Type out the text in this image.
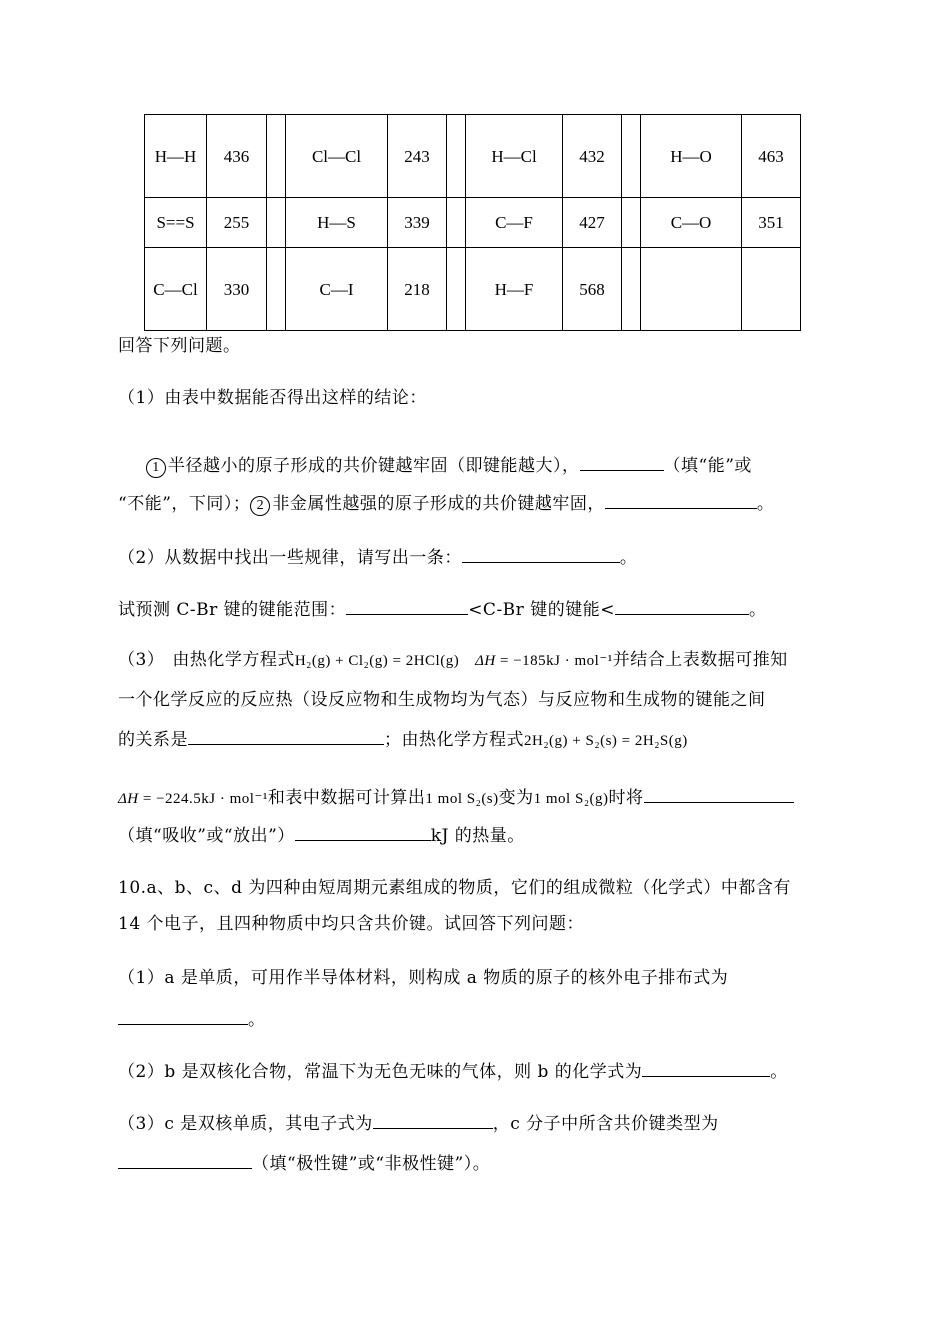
H—H	436		Cl—Cl	243		H—Cl	432		H—O	463
S==S	255		H—S	339		C—F	427		C—O	351
C—Cl	330		C—I	218		H—F	568			
回答下列问题。
（1）由表中数据能否得出这样的结论：
1 半径越小的原子形成的共价键越牢固（即键能越大），	（填“能”或
“不能”，下同）； 2 非金属性越强的原子形成的共价键越牢固，	。
（2）从数据中找出一些规律，请写出一条：	。
试预测 C-Br 键的键能范围：	<C-Br 键的键能<	。
（3） 由热化学方程式H₂(g) + Cl₂(g) = 2HCl(g) ΔH = −185kJ · mol⁻¹并结合上表数据可推知
一个化学反应的反应热（设反应物和生成物均为气态）与反应物和生成物的键能之间
的关系是	；由热化学方程式2H₂(g) + S₂(s) = 2H₂S(g)
ΔH = −224.5kJ · mol⁻¹和表中数据可计算出1 mol S₂(s)变为1 mol S₂(g)时将
（填“吸收”或“放出”）	kJ 的热量。
10.a、b、c、d 为四种由短周期元素组成的物质，它们的组成微粒（化学式）中都含有
14 个电子，且四种物质中均只含共价键。试回答下列问题：
（1）a 是单质，可用作半导体材料，则构成 a 物质的原子的核外电子排布式为
。
（2）b 是双核化合物，常温下为无色无味的气体，则 b 的化学式为	。
（3）c 是双核单质，其电子式为	，c 分子中所含共价键类型为
（填“极性键”或“非极性键”）。
